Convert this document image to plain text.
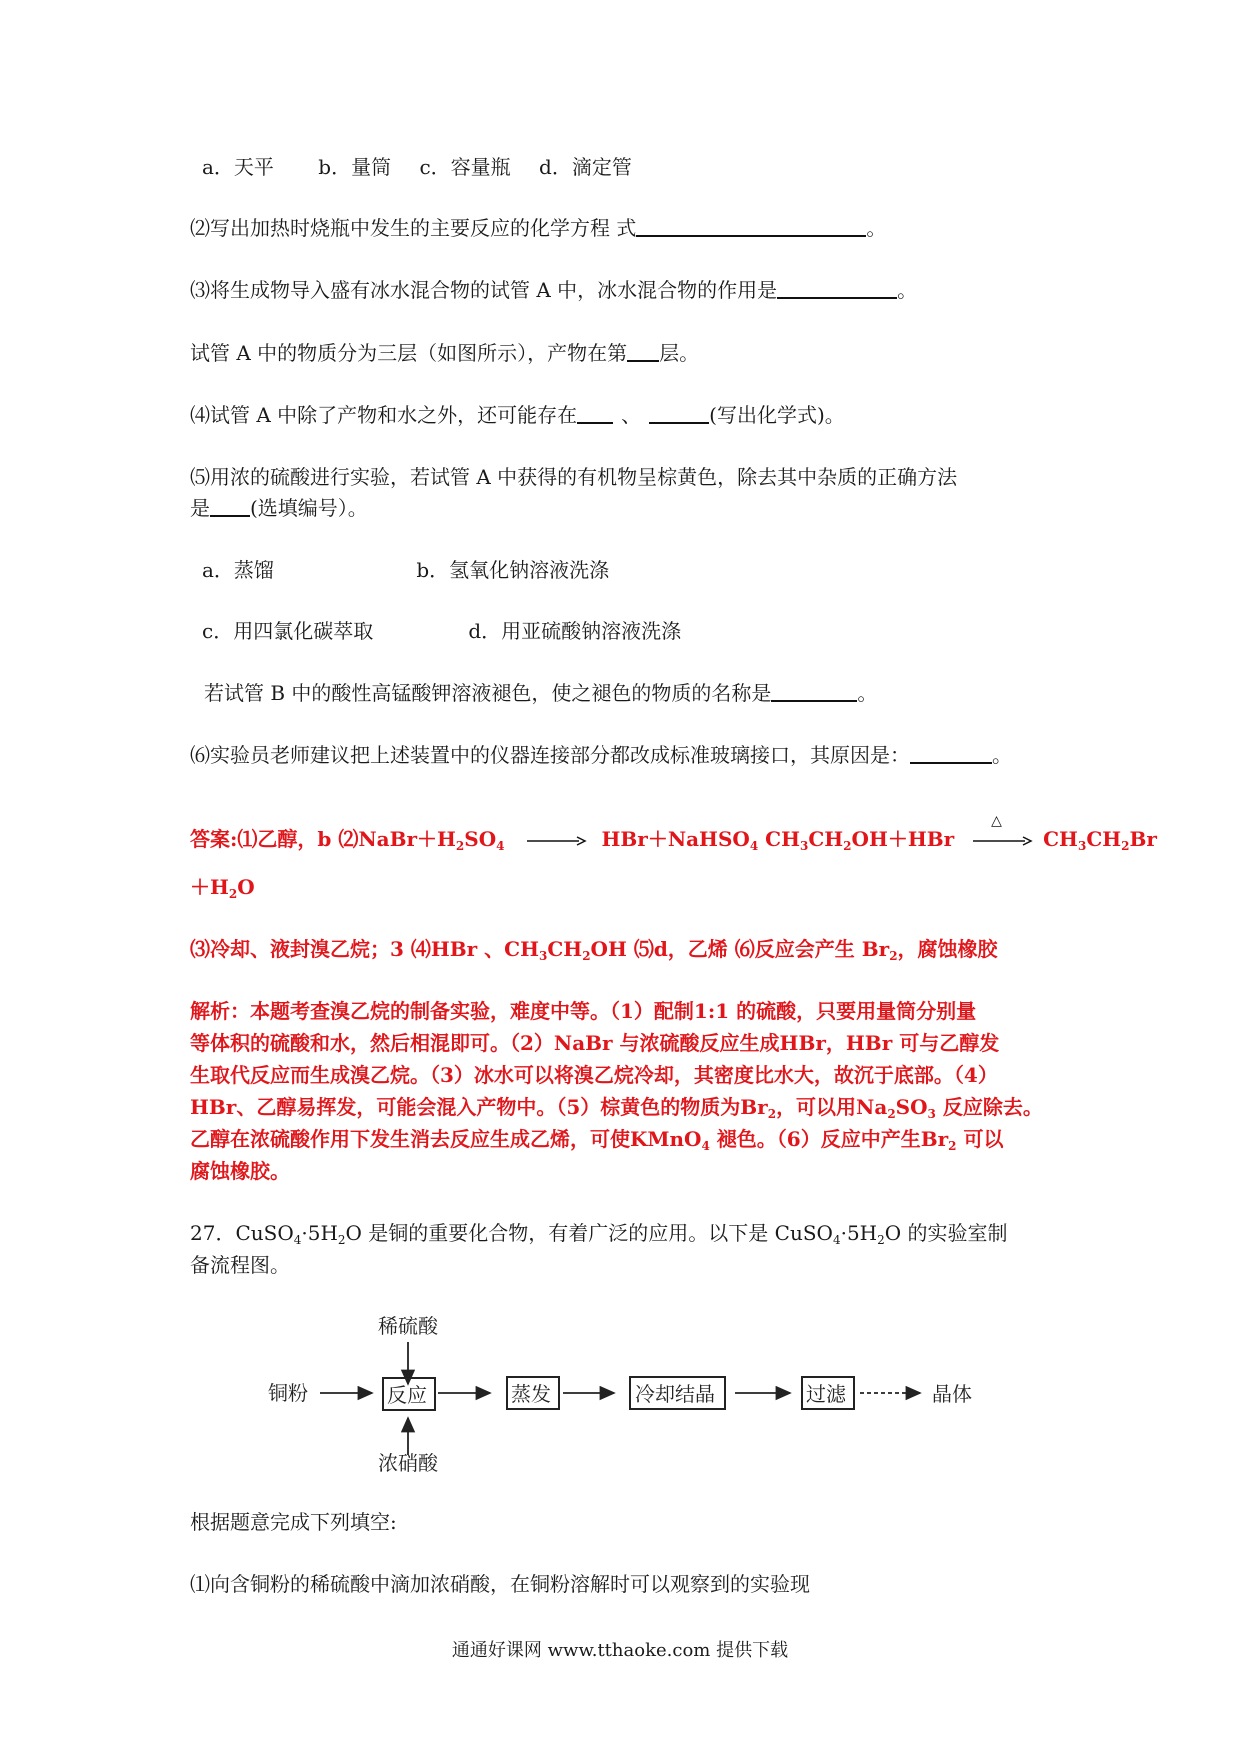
a．天平 b．量筒 c．容量瓶 d．滴定管
⑵写出加热时烧瓶中发生的主要反应的化学方程 式	。
⑶将生成物导入盛有冰水混合物的试管 A 中，冰水混合物的作用是	。
试管 A 中的物质分为三层（如图所示），产物在第 层。
⑷试管 A 中除了产物和水之外，还可能存在 、	(写出化学式)。
⑸用浓的硫酸进行实验，若试管 A 中获得的有机物呈棕黄色，除去其中杂质的正确方法
是 (选填编号）。
a．蒸馏	b．氢氧化钠溶液洗涤
c．用四氯化碳萃取	d．用亚硫酸钠溶液洗涤
若试管 B 中的酸性高锰酸钾溶液褪色，使之褪色的物质的名称是	。
⑹实验员老师建议把上述装置中的仪器连接部分都改成标准玻璃接口，其原因是：	。
答案:⑴乙醇，b $⑵NaBr+H_2SO_4$ → HBr＋NaHSO$_4$ $CH_3CH_2OH+HBr$
△
$CH_3CH_2Br$
$+H_2O$
⑶冷却、液封溴乙烷；3 ⑷HBr 、$CH_3CH_2OH$ ⑸d，乙烯 ⑹反应会产生 $Br_2$，腐蚀橡胶
解析：本题考查溴乙烷的制备实验，难度中等。（1）配制1:1 的硫酸，只要用量筒分别量
等体积的硫酸和水，然后相混即可。（2）NaBr 与浓硫酸反应生成HBr，HBr 可与乙醇发
生取代反应而生成溴乙烷。（3）冰水可以将溴乙烷冷却，其密度比水大，故沉于底部。（4）
HBr、乙醇易挥发，可能会混入产物中。（5）棕黄色的物质为$Br_2$，可以用$Na_2SO_3$ 反应除去。
乙醇在浓硫酸作用下发生消去反应生成乙烯，可使KMnO$_4$ 褪色。（6）反应中产生$Br_2$ 可以
腐蚀橡胶。
27．$CuSO_4\cdot 5H_2O$ 是铜的重要化合物，有着广泛的应用。以下是 $CuSO_4\cdot 5H_2O$ 的实验室制
备流程图。
稀硫酸
铜粉	反应
浓硝酸
蒸发	冷却结晶	过滤	晶体
根据题意完成下列填空:
⑴向含铜粉的稀硫酸中滴加浓硝酸，在铜粉溶解时可以观察到的实验现
通通好课网 www.tthaoke.com 提供下载
